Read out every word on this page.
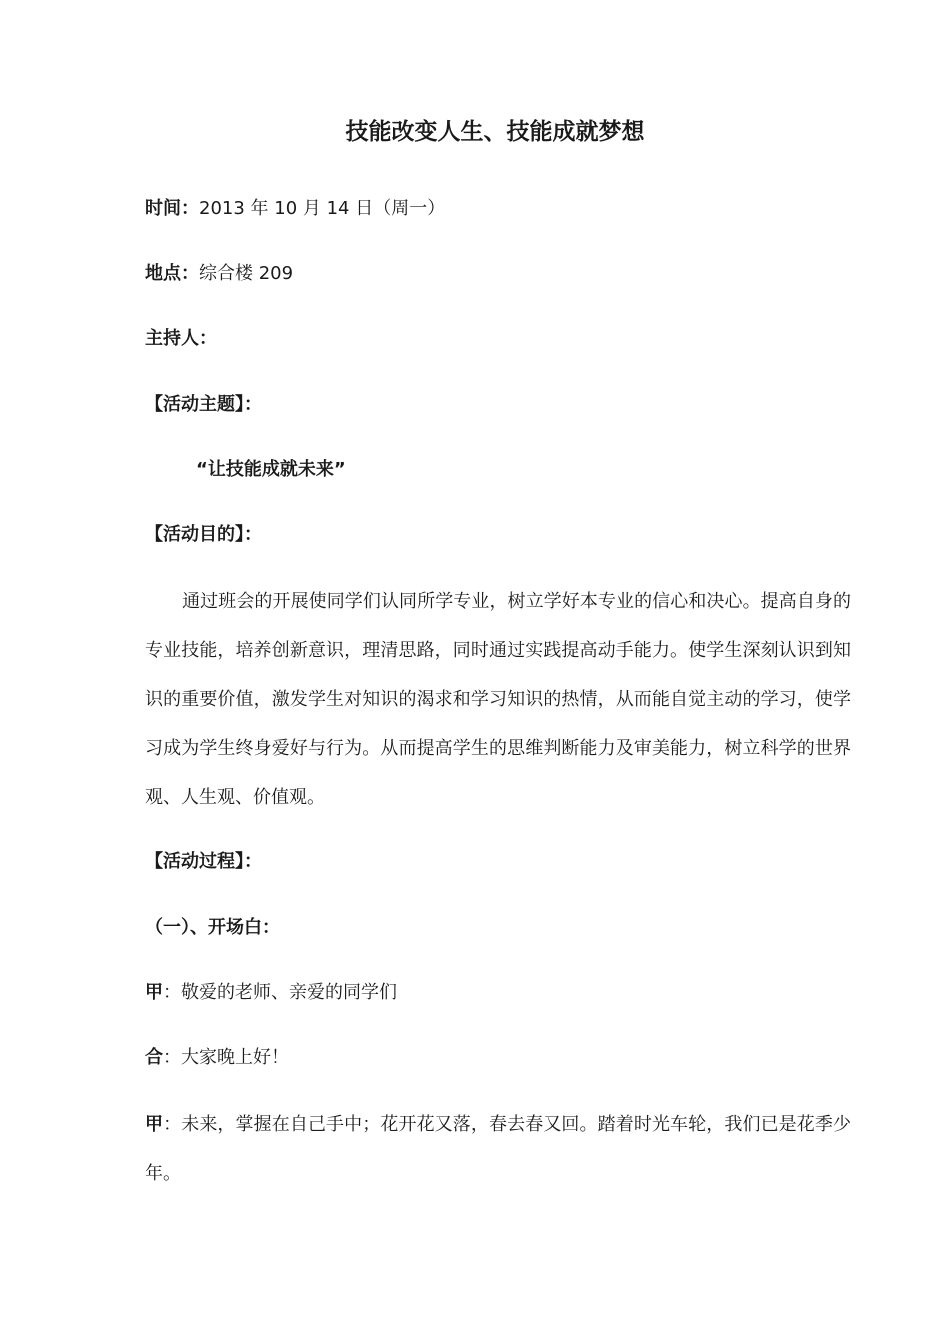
技能改变人生、技能成就梦想
时间：2013 年 10 月 14 日（周一）
地点：综合楼 209
主持人：
【活动主题】：
“让技能成就未来”
【活动目的】：
通过班会的开展使同学们认同所学专业，树立学好本专业的信心和决心。提高自身的专业技能，培养创新意识，理清思路，同时通过实践提高动手能力。使学生深刻认识到知识的重要价值，激发学生对知识的渴求和学习知识的热情，从而能自觉主动的学习，使学习成为学生终身爱好与行为。从而提高学生的思维判断能力及审美能力，树立科学的世界观、人生观、价值观。
【活动过程】：
（一）、开场白：
甲：敬爱的老师、亲爱的同学们
合：大家晚上好！
甲：未来，掌握在自己手中；花开花又落，春去春又回。踏着时光车轮，我们已是花季少年。
